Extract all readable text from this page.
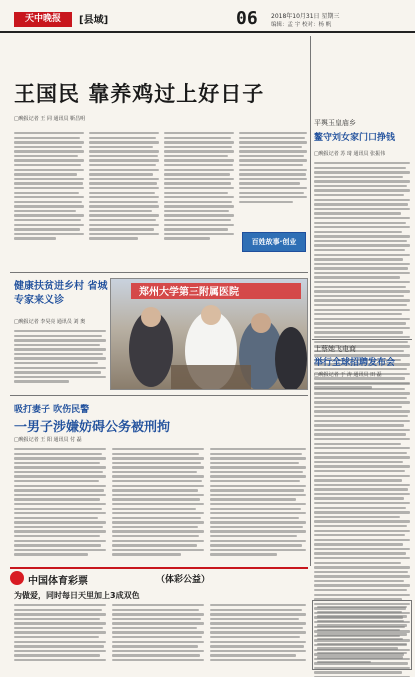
天中晚报	[县域]	06 2018年10月31日 星期三
编辑：孟 宇 校对：杨 帆
王国民 靠养鸡过上好日子
□晚报记者 王 同 通讯员 靳昌明
百姓故事·创业
平舆玉皇庙乡
鳌守刘女家门口挣钱
□晚报记者 苏 琦 通讯员 张振伟
上蔡她飞电商
举行全球招聘发布会
□晚报记者 于 涛 通讯员 田 磊
健康扶贫进乡村 省城专家来义诊
□晚报记者 李昊亮 通讯员 刘 奥
郑州大学第三附属医院
吸打妻子 吹伤民警
一男子涉嫌妨碍公务被刑拘
□晚报记者 王 阳 通讯员 付 磊
中国体育彩票	（体彩公益）
为做爱，同时每日天里加上3成双色
